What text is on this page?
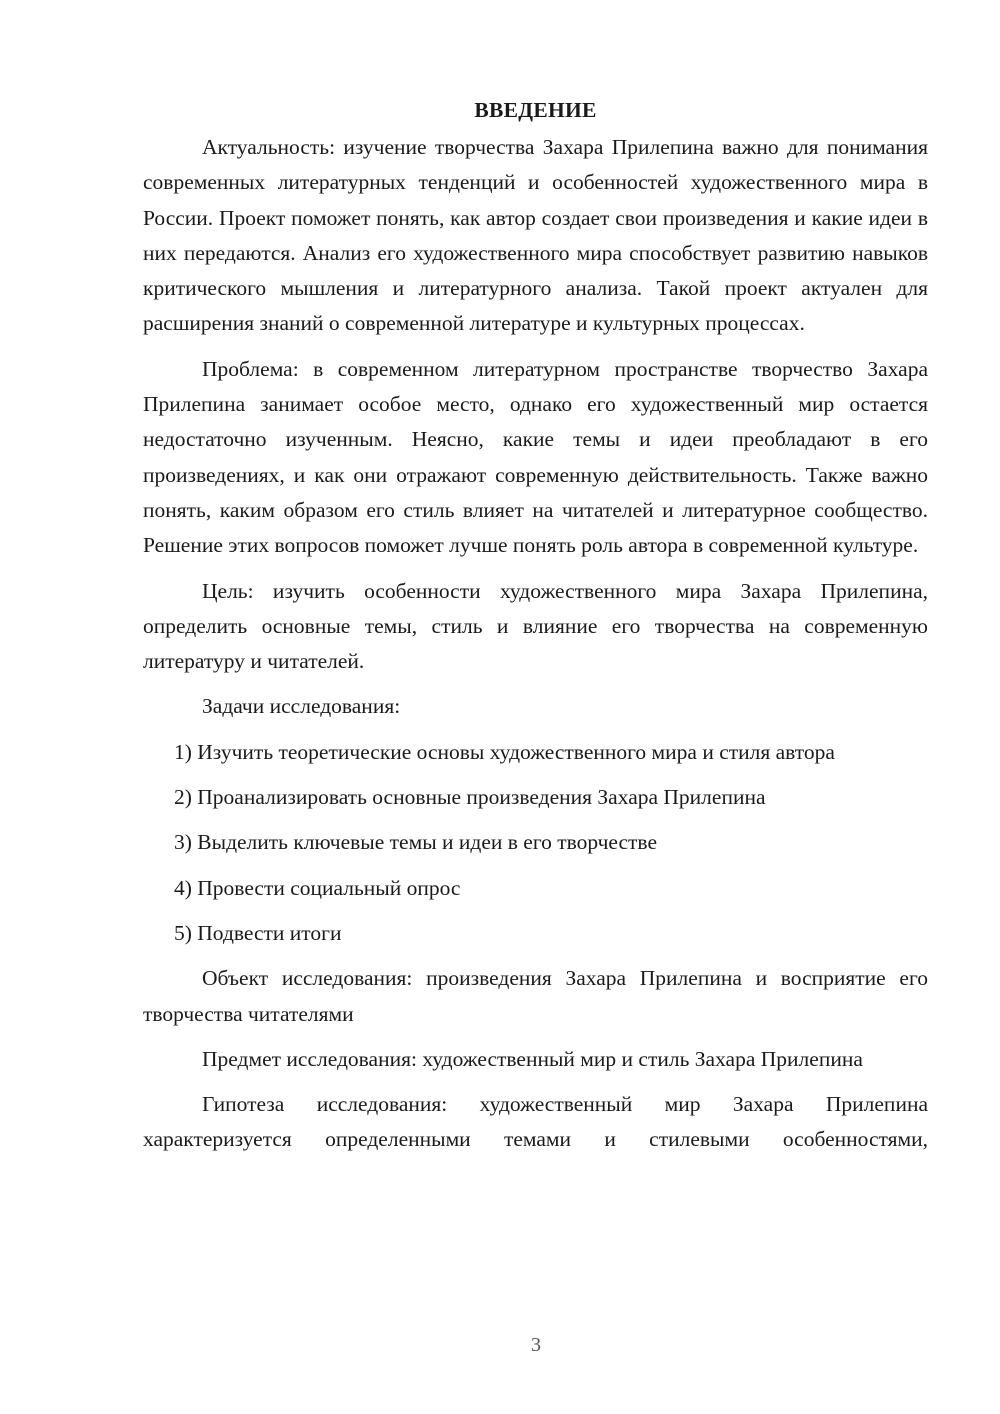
ВВЕДЕНИЕ

Актуальность: изучение творчества Захара Прилепина важно для понимания современных литературных тенденций и особенностей художественного мира в России. Проект поможет понять, как автор создает свои произведения и какие идеи в них передаются. Анализ его художественного мира способствует развитию навыков критического мышления и литературного анализа. Такой проект актуален для расширения знаний о современной литературе и культурных процессах.

Проблема: в современном литературном пространстве творчество Захара Прилепина занимает особое место, однако его художественный мир остается недостаточно изученным. Неясно, какие темы и идеи преобладают в его произведениях, и как они отражают современную действительность. Также важно понять, каким образом его стиль влияет на читателей и литературное сообщество. Решение этих вопросов поможет лучше понять роль автора в современной культуре.

Цель: изучить особенности художественного мира Захара Прилепина, определить основные темы, стиль и влияние его творчества на современную литературу и читателей.

Задачи исследования:

1) Изучить теоретические основы художественного мира и стиля автора

2) Проанализировать основные произведения Захара Прилепина

3) Выделить ключевые темы и идеи в его творчестве

4) Провести социальный опрос

5) Подвести итоги

Объект исследования: произведения Захара Прилепина и восприятие его творчества читателями

Предмет исследования: художественный мир и стиль Захара Прилепина

Гипотеза исследования: художественный мир Захара Прилепина характеризуется определенными темами и стилевыми особенностями,

3
